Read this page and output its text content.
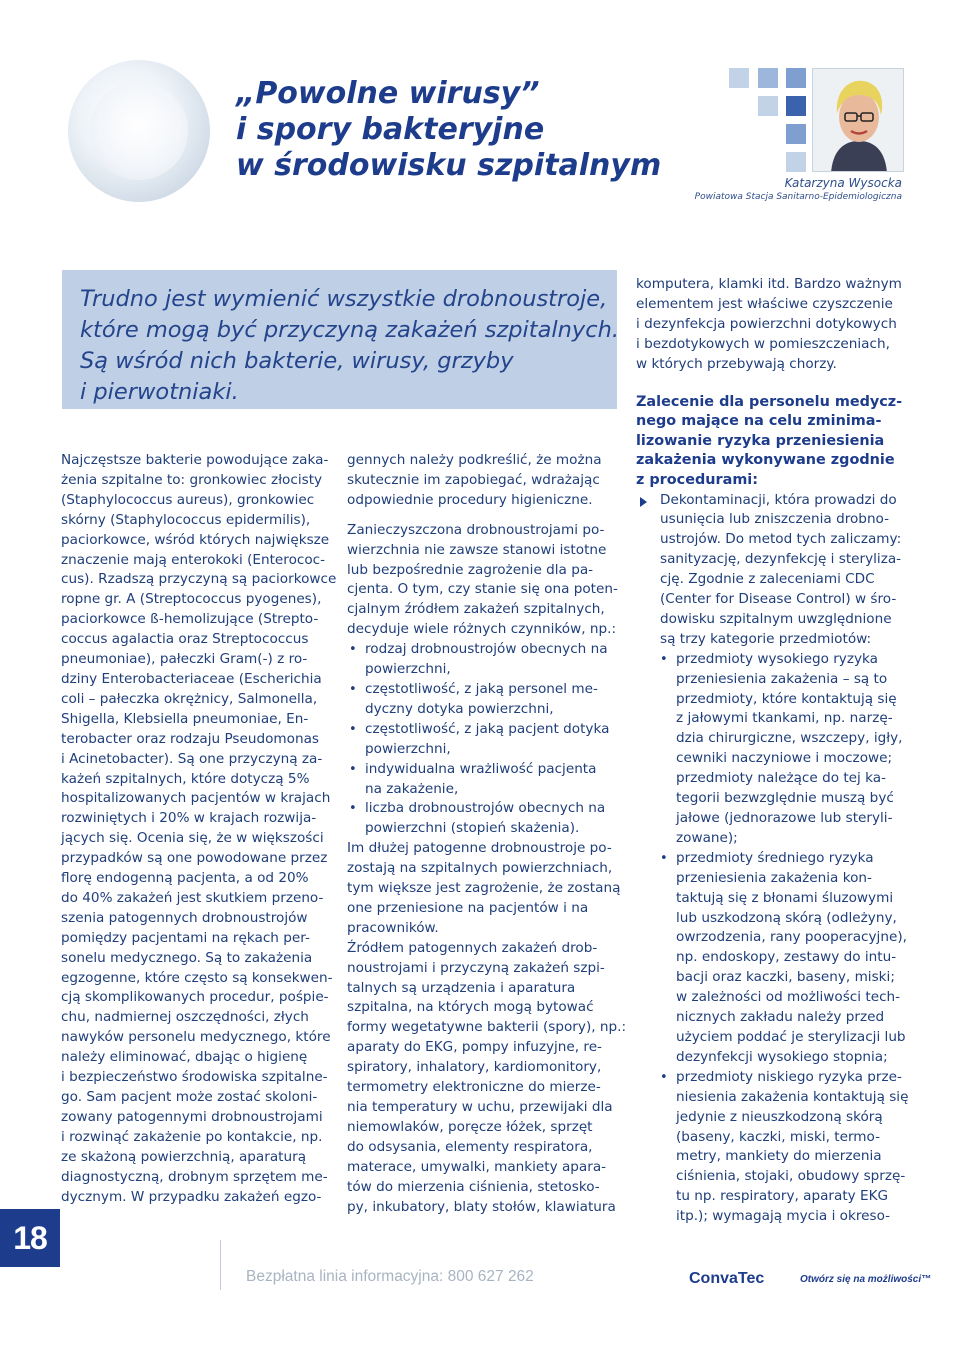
„Powolne wirusy”
i spory bakteryjne
w środowisku szpitalnym	Katarzyna Wysocka
Powiatowa Stacja Sanitarno-Epidemiologiczna
Trudno jest wymienić wszystkie drobnoustroje,
które mogą być przyczyną zakażeń szpitalnych.
Są wśród nich bakterie, wirusy, grzyby
i pierwotniaki.
Najczęstsze bakterie powodujące zaka-
żenia szpitalne to: gronkowiec złocisty
(Staphylococcus aureus), gronkowiec
skórny (Staphylococcus epidermilis),
paciorkowce, wśród których największe
znaczenie mają enterokoki (Enterococ-
cus). Rzadszą przyczyną są paciorkowce
ropne gr. A (Streptococcus pyogenes),
paciorkowce ß-hemolizujące (Strepto-
coccus agalactia oraz Streptococcus
pneumoniae), pałeczki Gram(-) z ro-
dziny Enterobacteriaceae (Escherichia
coli – pałeczka okrężnicy, Salmonella,
Shigella, Klebsiella pneumoniae, En-
terobacter oraz rodzaju Pseudomonas
i Acinetobacter). Są one przyczyną za-
każeń szpitalnych, które dotyczą 5%
hospitalizowanych pacjentów w krajach
rozwiniętych i 20% w krajach rozwija-
jących się. Ocenia się, że w większości
przypadków są one powodowane przez
florę endogenną pacjenta, a od 20%
do 40% zakażeń jest skutkiem przeno-
szenia patogennych drobnoustrojów
pomiędzy pacjentami na rękach per-
sonelu medycznego. Są to zakażenia
egzogenne, które często są konsekwen-
cją skomplikowanych procedur, pośpie-
chu, nadmiernej oszczędności, złych
nawyków personelu medycznego, które
należy eliminować, dbając o higienę
i bezpieczeństwo środowiska szpitalne-
go. Sam pacjent może zostać skoloni-
zowany patogennymi drobnoustrojami
i rozwinąć zakażenie po kontakcie, np.
ze skażoną powierzchnią, aparaturą
diagnostyczną, drobnym sprzętem me-
dycznym. W przypadku zakażeń egzo-
gennych należy podkreślić, że można
skutecznie im zapobiegać, wdrażając
odpowiednie procedury higieniczne.
Zanieczyszczona drobnoustrojami po-
wierzchnia nie zawsze stanowi istotne
lub bezpośrednie zagrożenie dla pa-
cjenta. O tym, czy stanie się ona poten-
cjalnym źródłem zakażeń szpitalnych,
decyduje wiele różnych czynników, np.:
• rodzaj drobnoustrojów obecnych na
powierzchni,
• częstotliwość, z jaką personel me-
dyczny dotyka powierzchni,
• częstotliwość, z jaką pacjent dotyka
powierzchni,
• indywidualna wrażliwość pacjenta
na zakażenie,
• liczba drobnoustrojów obecnych na
powierzchni (stopień skażenia).
Im dłużej patogenne drobnoustroje po-
zostają na szpitalnych powierzchniach,
tym większe jest zagrożenie, że zostaną
one przeniesione na pacjentów i na
pracowników.
Źródłem patogennych zakażeń drob-
noustrojami i przyczyną zakażeń szpi-
talnych są urządzenia i aparatura
szpitalna, na których mogą bytować
formy wegetatywne bakterii (spory), np.:
aparaty do EKG, pompy infuzyjne, re-
spiratory, inhalatory, kardiomonitory,
termometry elektroniczne do mierze-
nia temperatury w uchu, przewijaki dla
niemowlaków, poręcze łóżek, sprzęt
do odsysania, elementy respiratora,
materace, umywalki, mankiety apara-
tów do mierzenia ciśnienia, stetosko-
py, inkubatory, blaty stołów, klawiatura
komputera, klamki itd. Bardzo ważnym
elementem jest właściwe czyszczenie
i dezynfekcja powierzchni dotykowych
i bezdotykowych w pomieszczeniach,
w których przebywają chorzy.
Zalecenie dla personelu medycz-
nego mające na celu zminima-
lizowanie ryzyka przeniesienia
zakażenia wykonywane zgodnie
z procedurami:
Dekontaminacji, która prowadzi do
usunięcia lub zniszczenia drobno-
ustrojów. Do metod tych zaliczamy:
sanityzację, dezynfekcję i steryliza-
cję. Zgodnie z zaleceniami CDC
(Center for Disease Control) w śro-
dowisku szpitalnym uwzględnione
są trzy kategorie przedmiotów:
• przedmioty wysokiego ryzyka
przeniesienia zakażenia – są to
przedmioty, które kontaktują się
z jałowymi tkankami, np. narzę-
dzia chirurgiczne, wszczepy, igły,
cewniki naczyniowe i moczowe;
przedmioty należące do tej ka-
tegorii bezwzględnie muszą być
jałowe (jednorazowe lub steryli-
zowane);
• przedmioty średniego ryzyka
przeniesienia zakażenia kon-
taktują się z błonami śluzowymi
lub uszkodzoną skórą (odleżyny,
owrzodzenia, rany pooperacyjne),
np. endoskopy, zestawy do intu-
bacji oraz kaczki, baseny, miski;
w zależności od możliwości tech-
nicznych zakładu należy przed
użyciem poddać je sterylizacji lub
dezynfekcji wysokiego stopnia;
• przedmioty niskiego ryzyka prze-
niesienia zakażenia kontaktują się
jedynie z nieuszkodzoną skórą
(baseny, kaczki, miski, termo-
metry, mankiety do mierzenia
ciśnienia, stojaki, obudowy sprzę-
tu np. respiratory, aparaty EKG
itp.); wymagają mycia i okreso-
18
Bezpłatna linia informacyjna: 800 627 262	ConvaTec	Otwórz się na możliwości™
